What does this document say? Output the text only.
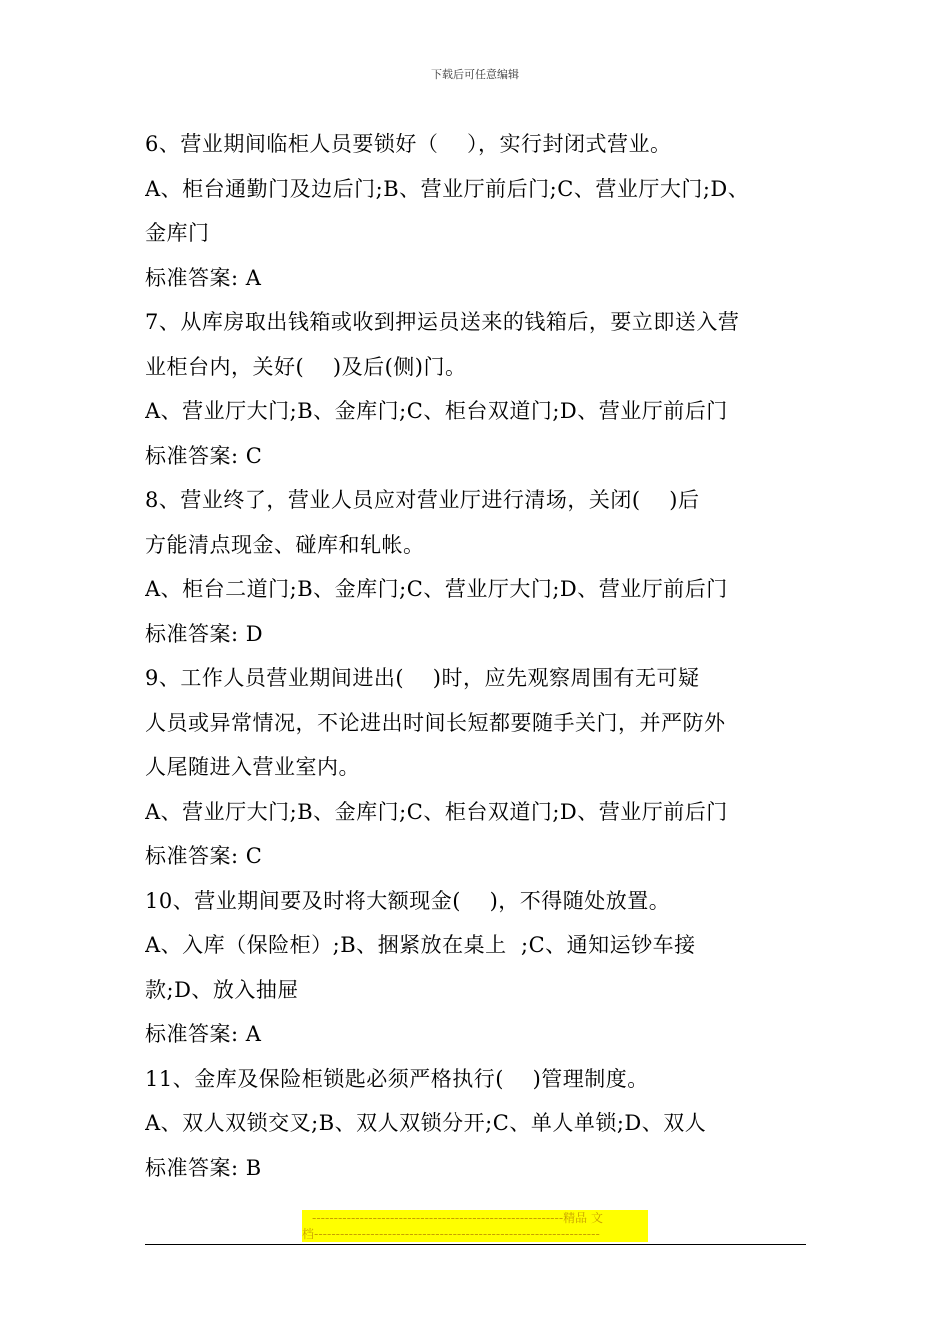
下载后可任意编辑
6、营业期间临柜人员要锁好（    ），实行封闭式营业。
A、柜台通勤门及边后门;B、营业厅前后门;C、营业厅大门;D、
金库门
标准答案: A
7、从库房取出钱箱或收到押运员送来的钱箱后，要立即送入营
业柜台内，关好(    )及后(侧)门。
A、营业厅大门;B、金库门;C、柜台双道门;D、营业厅前后门
标准答案: C
8、营业终了，营业人员应对营业厅进行清场，关闭(    )后
方能清点现金、碰库和轧帐。
A、柜台二道门;B、金库门;C、营业厅大门;D、营业厅前后门
标准答案: D
9、工作人员营业期间进出(    )时，应先观察周围有无可疑
人员或异常情况，不论进出时间长短都要随手关门，并严防外
人尾随进入营业室内。
A、营业厅大门;B、金库门;C、柜台双道门;D、营业厅前后门
标准答案: C
10、营业期间要及时将大额现金(    )，不得随处放置。
A、入库（保险柜）;B、捆紧放在桌上  ;C、通知运钞车接
款;D、放入抽屉
标准答案: A
11、金库及保险柜锁匙必须严格执行(    )管理制度。
A、双人双锁交叉;B、双人双锁分开;C、单人单锁;D、双人
标准答案: B
----------------------------------------------------------精品 文
档------------------------------------------------------------------
